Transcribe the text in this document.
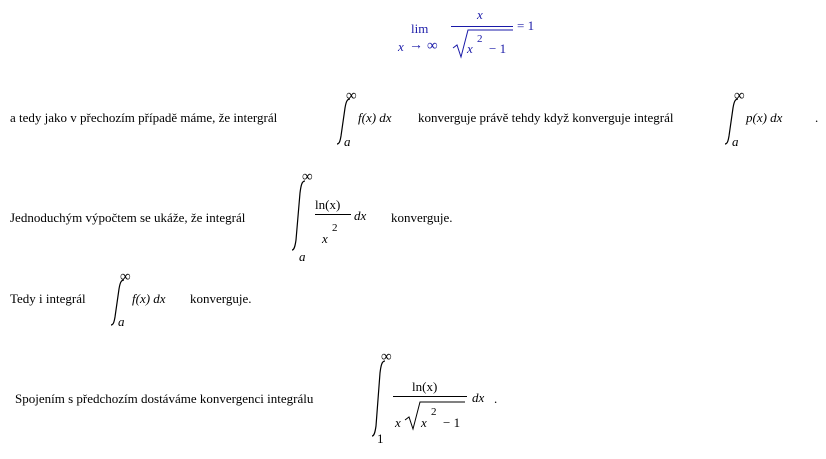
lim
x → ∞
x
x
2
− 1
= 1
a tedy jako v přechozím případě máme, že intergrál
∞
a
f(x) dx konverguje právě tehdy když konverguje integrál
∞
a
p(x) dx	.
Jednoduchým výpočtem se ukáže, že integrál
∞
a
ln(x)
x
2
dx konverguje.
Tedy i integrál
∞
a
f(x) dx konverguje.
Spojením s předchozím dostáváme konvergenci integrálu
∞
1
ln(x)
x x
2
− 1
dx .
